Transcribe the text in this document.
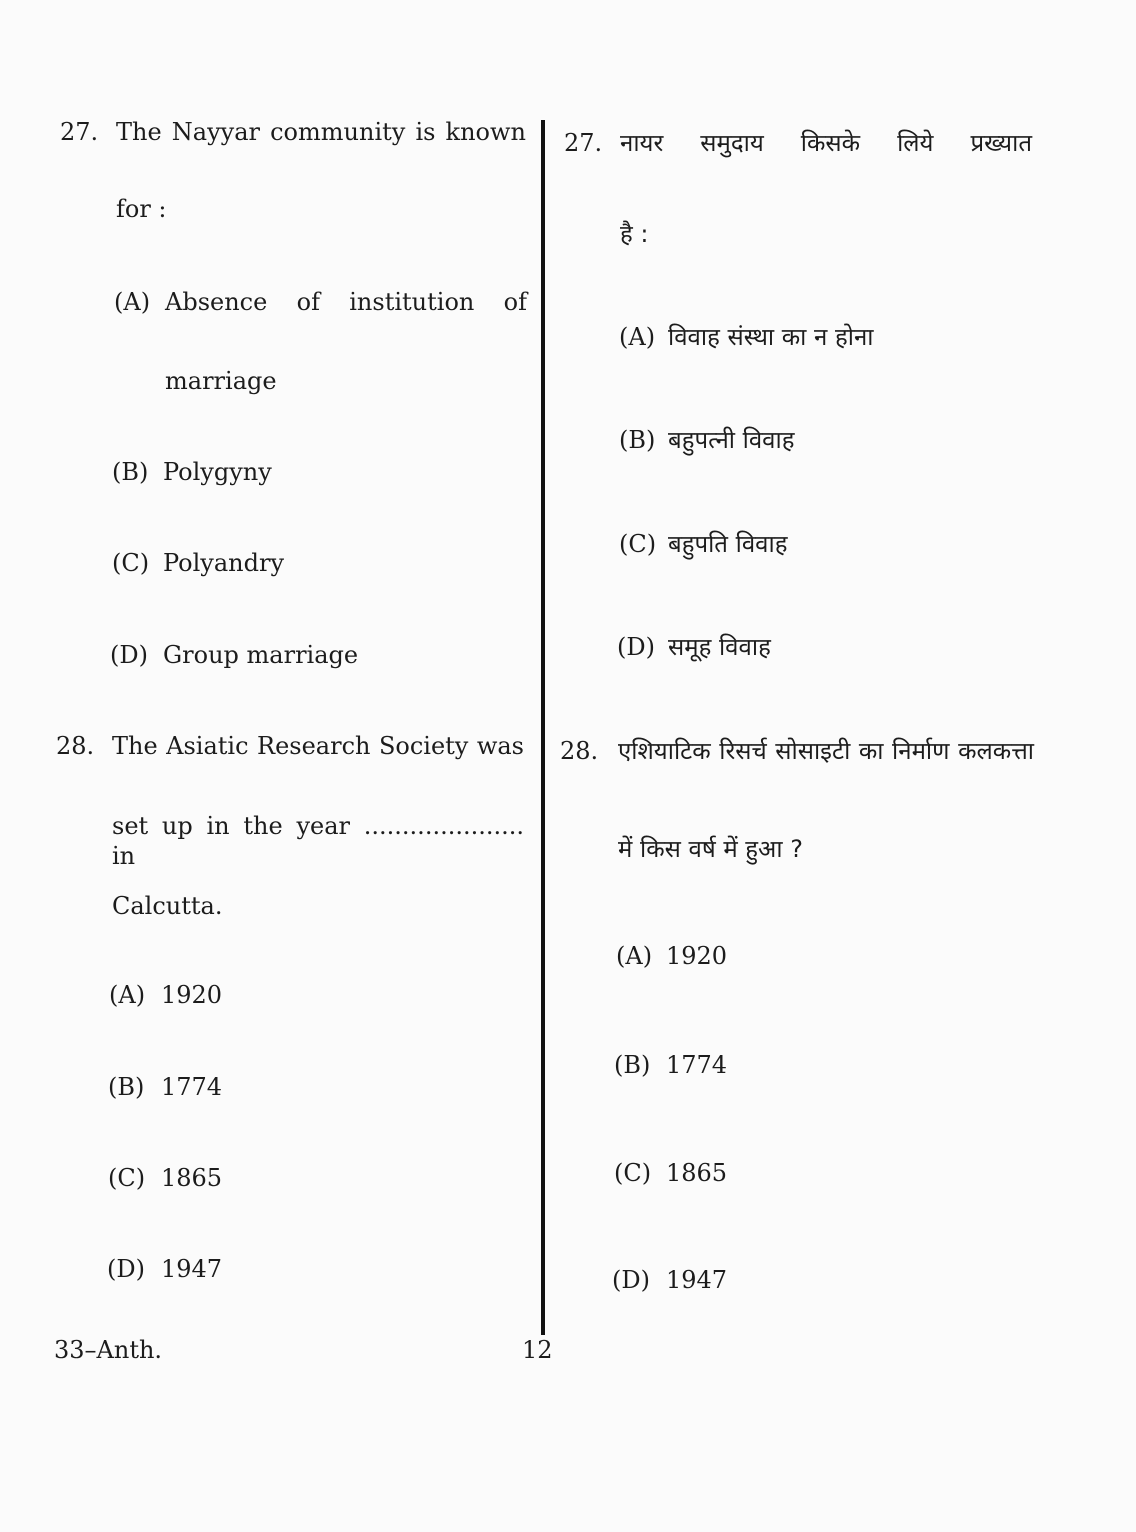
27. The Nayyar community is known
for :
(A) Absence of institution of
marriage
(B) Polygyny
(C) Polyandry
(D) Group marriage
28. The Asiatic Research Society was
set up in the year ..................... in
Calcutta.
(A) 1920
(B) 1774
(C) 1865
(D) 1947
27. नायर समुदाय किसके लिये प्रख्यात
है :
(A) विवाह संस्था का न होना
(B) बहुपत्नी विवाह
(C) बहुपति विवाह
(D) समूह विवाह
28. एशियाटिक रिसर्च सोसाइटी का निर्माण कलकत्ता
में किस वर्ष में हुआ ?
(A) 1920
(B) 1774
(C) 1865
(D) 1947
33–Anth.	12
